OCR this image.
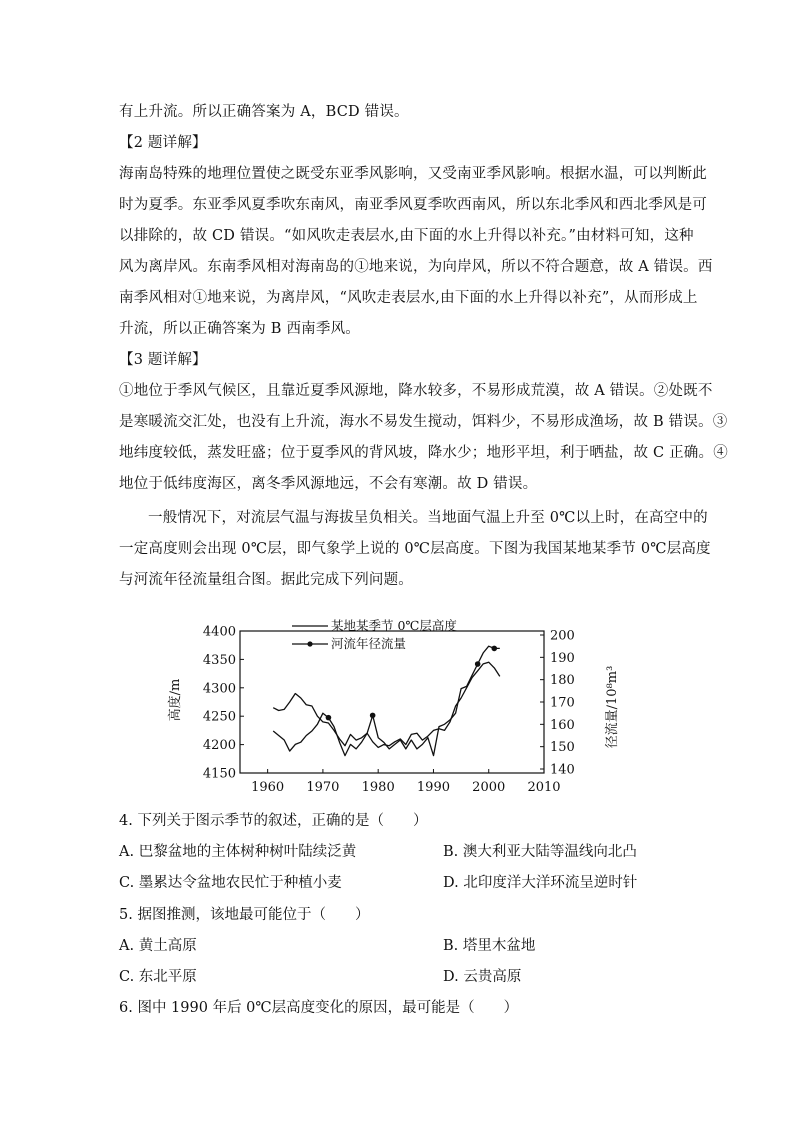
有上升流。所以正确答案为 A，BCD 错误。
【2 题详解】
海南岛特殊的地理位置使之既受东亚季风影响，又受南亚季风影响。根据水温，可以判断此
时为夏季。东亚季风夏季吹东南风，南亚季风夏季吹西南风，所以东北季风和西北季风是可
以排除的，故 CD 错误。“如风吹走表层水,由下面的水上升得以补充。”由材料可知，这种
风为离岸风。东南季风相对海南岛的①地来说，为向岸风，所以不符合题意，故 A 错误。西
南季风相对①地来说，为离岸风，“风吹走表层水,由下面的水上升得以补充”，从而形成上
升流，所以正确答案为 B 西南季风。
【3 题详解】
①地位于季风气候区，且靠近夏季风源地，降水较多，不易形成荒漠，故 A 错误。②处既不
是寒暖流交汇处，也没有上升流，海水不易发生搅动，饵料少，不易形成渔场，故 B 错误。③
地纬度较低，蒸发旺盛；位于夏季风的背风坡，降水少；地形平坦，利于晒盐，故 C 正确。④
地位于低纬度海区，离冬季风源地远，不会有寒潮。故 D 错误。
一般情况下，对流层气温与海拔呈负相关。当地面气温上升至 0℃以上时，在高空中的
一定高度则会出现 0℃层，即气象学上说的 0℃层高度。下图为我国某地某季节 0℃层高度
与河流年径流量组合图。据此完成下列问题。
高度/m	径流量/10⁸m³
某地某季节 0℃层高度
河流年径流量
1960 1970 1980 1990 2000 2010
4400
4350
4300
4250
4200
4150
200
190
180
170
160
150
140
4. 下列关于图示季节的叙述，正确的是（　　）
A. 巴黎盆地的主体树种树叶陆续泛黄	B. 澳大利亚大陆等温线向北凸
C. 墨累达令盆地农民忙于种植小麦	D. 北印度洋大洋环流呈逆时针
5. 据图推测，该地最可能位于（　　）
A. 黄土高原	B. 塔里木盆地
C. 东北平原	D. 云贵高原
6. 图中 1990 年后 0℃层高度变化的原因，最可能是（　　）
